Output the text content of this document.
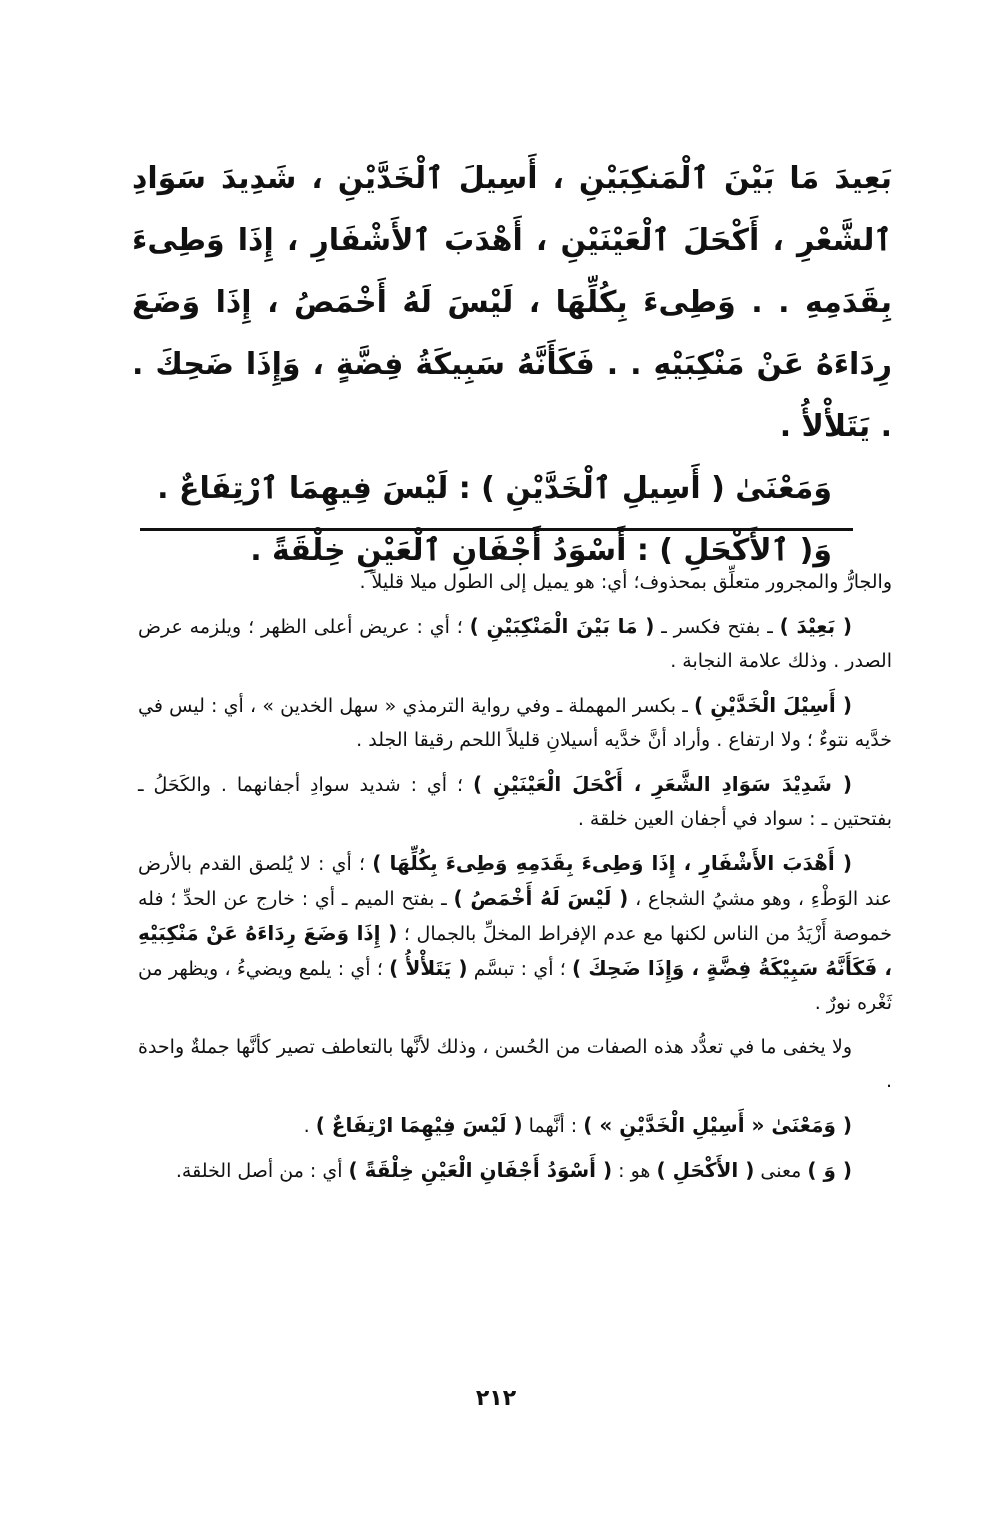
بَعِيدَ مَا بَيْنَ ٱلْمَنكِبَيْنِ ، أَسِيلَ ٱلْخَدَّيْنِ ، شَدِيدَ سَوَادِ ٱلشَّعْرِ ، أَكْحَلَ ٱلْعَيْنَيْنِ ، أَهْدَبَ ٱلأَشْفَارِ ، إِذَا وَطِىءَ بِقَدَمِهِ . . وَطِىءَ بِكُلِّهَا ، لَيْسَ لَهُ أَخْمَصُ ، إِذَا وَضَعَ رِدَاءَهُ عَنْ مَنْكِبَيْهِ . . فَكَأَنَّهُ سَبِيكَةُ فِضَّةٍ ، وَإِذَا ضَحِكَ . . يَتَلأْلأُ .

وَمَعْنَىٰ ( أَسِيلِ ٱلْخَدَّيْنِ ) : لَيْسَ فِيهِمَا ٱرْتِفَاعٌ .

وَ( ٱلأَكْحَلِ ) : أَسْوَدُ أَجْفَانِ ٱلْعَيْنِ خِلْقَةً .

والجارُّ والمجرور متعلِّق بمحذوف؛ أي: هو يميل إلى الطول ميلا قليلاً .

( بَعِيْدَ ) ـ بفتح فكسر ـ ( مَا بَيْنَ الْمَنْكِبَيْنِ ) ؛ أي : عريض أعلى الظهر ؛ ويلزمه عرض الصدر . وذلك علامة النجابة .

( أَسِيْلَ الْخَدَّيْنِ ) ـ بكسر المهملة ـ وفي رواية الترمذي « سهل الخدين » ، أي : ليس في خدَّيه نتوءٌ ؛ ولا ارتفاع . وأراد أنَّ خدَّيه أسيلانِ قليلاً اللحم رقيقا الجلد .

( شَدِيْدَ سَوَادِ الشَّعَرِ ، أَكْحَلَ الْعَيْنَيْنِ ) ؛ أي : شديد سوادِ أجفانهما . والكَحَلُ ـ بفتحتين ـ : سواد في أجفان العين خلقة .

( أَهْدَبَ الأَشْفَارِ ، إِذَا وَطِىءَ بِقَدَمِهِ وَطِىءَ بِكُلِّهَا ) ؛ أي : لا يُلصق القدم بالأرض عند الوَطْءِ ، وهو مشيُ الشجاع ، ( لَيْسَ لَهُ أَخْمَصُ ) ـ بفتح الميم ـ أي : خارج عن الحدِّ ؛ فله خموصة أَزْيَدُ من الناس لكنها مع عدم الإفراط المخلِّ بالجمال ؛ ( إِذَا وَضَعَ رِدَاءَهُ عَنْ مَنْكِبَيْهِ ، فَكَأَنَّهُ سَبِيْكَةُ فِضَّةٍ ، وَإِذَا ضَحِكَ ) ؛ أي : تبسَّم ( يَتَلأْلأُ ) ؛ أي : يلمع ويضيءُ ، ويظهر من ثَغْره نورٌ .

ولا يخفى ما في تعدُّد هذه الصفات من الحُسن ، وذلك لأنَّها بالتعاطف تصير كأنَّها جملةٌ واحدة .

( وَمَعْنَىٰ « أَسِيْلِ الْخَدَّيْنِ » ) : أنَّهما ( لَيْسَ فِيْهِمَا ارْتِفَاعٌ ) .

( وَ ) معنى ( الأَكْحَلِ ) هو : ( أَسْوَدُ أَجْفَانِ الْعَيْنِ خِلْقَةً ) أي : من أصل الخلقة.

٢١٢
